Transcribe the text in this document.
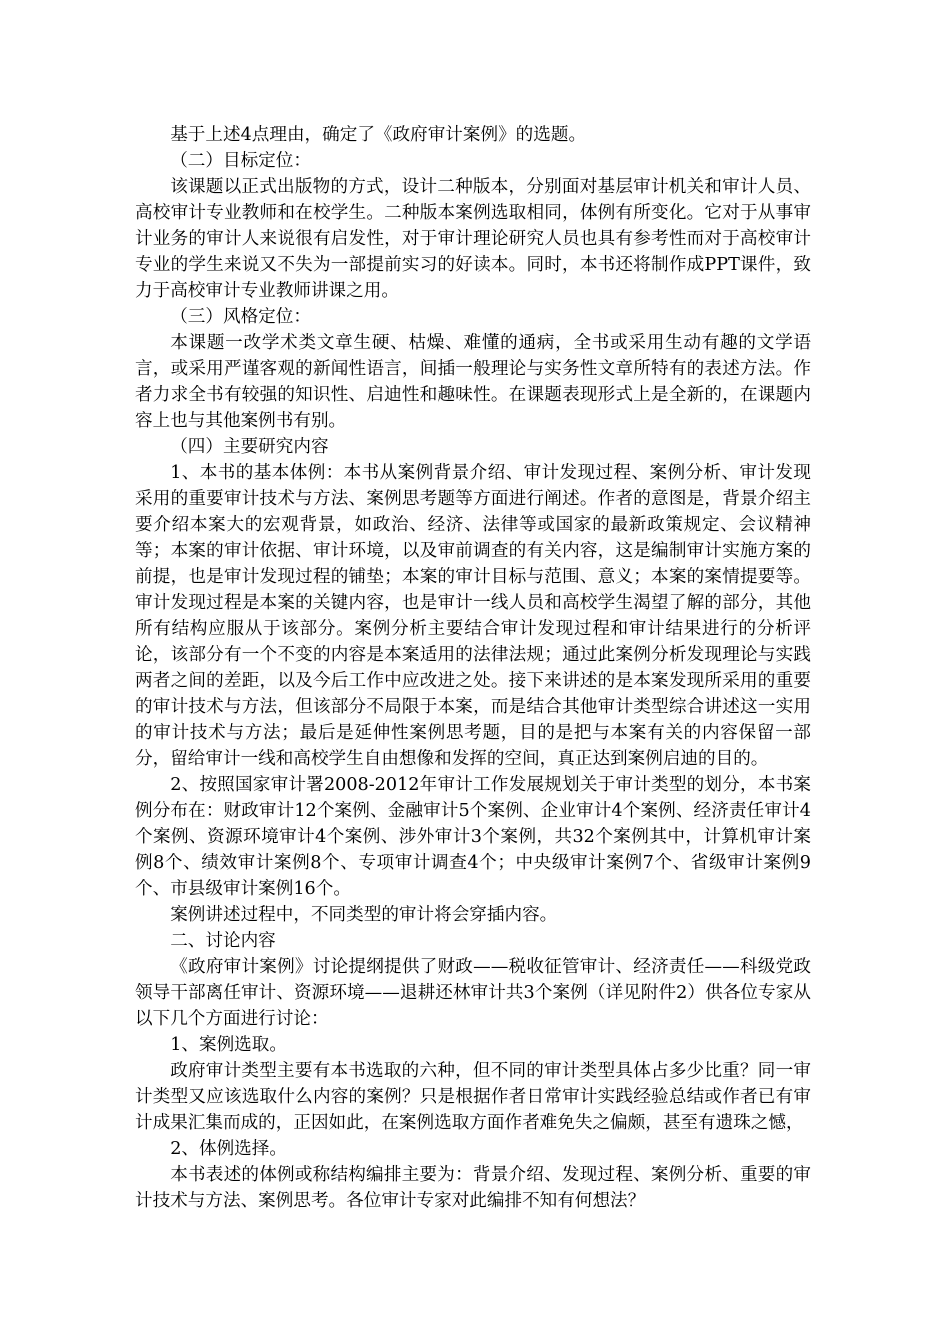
基于上述4点理由，确定了《政府审计案例》的选题。

（二）目标定位：

该课题以正式出版物的方式，设计二种版本，分别面对基层审计机关和审计人员、高校审计专业教师和在校学生。二种版本案例选取相同，体例有所变化。它对于从事审计业务的审计人来说很有启发性，对于审计理论研究人员也具有参考性而对于高校审计专业的学生来说又不失为一部提前实习的好读本。同时，本书还将制作成PPT课件，致力于高校审计专业教师讲课之用。

（三）风格定位：

本课题一改学术类文章生硬、枯燥、难懂的通病，全书或采用生动有趣的文学语言，或采用严谨客观的新闻性语言，间插一般理论与实务性文章所特有的表述方法。作者力求全书有较强的知识性、启迪性和趣味性。在课题表现形式上是全新的，在课题内容上也与其他案例书有别。

（四）主要研究内容

1、本书的基本体例：本书从案例背景介绍、审计发现过程、案例分析、审计发现采用的重要审计技术与方法、案例思考题等方面进行阐述。作者的意图是，背景介绍主要介绍本案大的宏观背景，如政治、经济、法律等或国家的最新政策规定、会议精神等；本案的审计依据、审计环境，以及审前调查的有关内容，这是编制审计实施方案的前提，也是审计发现过程的铺垫；本案的审计目标与范围、意义；本案的案情提要等。审计发现过程是本案的关键内容，也是审计一线人员和高校学生渴望了解的部分，其他所有结构应服从于该部分。案例分析主要结合审计发现过程和审计结果进行的分析评论，该部分有一个不变的内容是本案适用的法律法规；通过此案例分析发现理论与实践两者之间的差距，以及今后工作中应改进之处。接下来讲述的是本案发现所采用的重要的审计技术与方法，但该部分不局限于本案，而是结合其他审计类型综合讲述这一实用的审计技术与方法；最后是延伸性案例思考题，目的是把与本案有关的内容保留一部分，留给审计一线和高校学生自由想像和发挥的空间，真正达到案例启迪的目的。

2、按照国家审计署2008-2012年审计工作发展规划关于审计类型的划分，本书案例分布在：财政审计12个案例、金融审计5个案例、企业审计4个案例、经济责任审计4个案例、资源环境审计4个案例、涉外审计3个案例，共32个案例其中，计算机审计案例8个、绩效审计案例8个、专项审计调查4个；中央级审计案例7个、省级审计案例9个、市县级审计案例16个。

案例讲述过程中，不同类型的审计将会穿插内容。

二、讨论内容

《政府审计案例》讨论提纲提供了财政——税收征管审计、经济责任——科级党政领导干部离任审计、资源环境——退耕还林审计共3个案例（详见附件2）供各位专家从以下几个方面进行讨论：

1、案例选取。

政府审计类型主要有本书选取的六种，但不同的审计类型具体占多少比重？同一审计类型又应该选取什么内容的案例？只是根据作者日常审计实践经验总结或作者已有审计成果汇集而成的，正因如此，在案例选取方面作者难免失之偏颇，甚至有遗珠之憾，

2、体例选择。

本书表述的体例或称结构编排主要为：背景介绍、发现过程、案例分析、重要的审计技术与方法、案例思考。各位审计专家对此编排不知有何想法？
